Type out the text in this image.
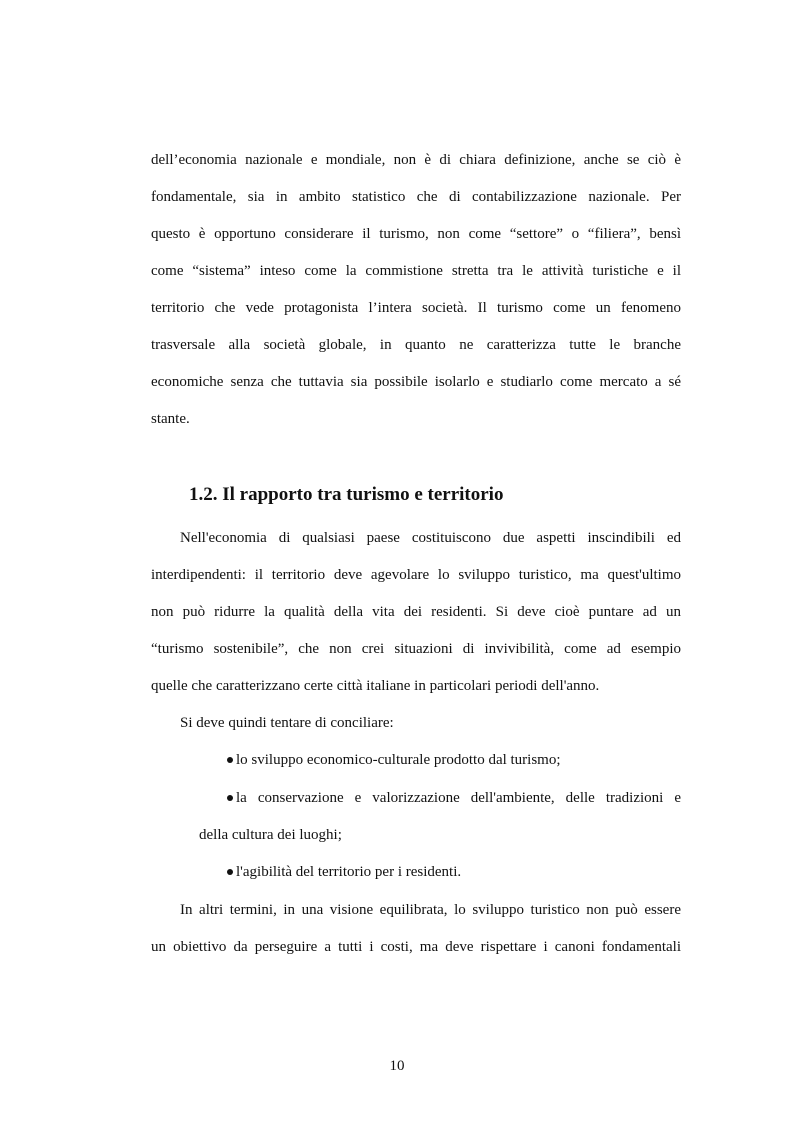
dell’economia nazionale e mondiale, non è di chiara definizione, anche se ciò è
fondamentale, sia in ambito statistico che di contabilizzazione nazionale. Per
questo è opportuno considerare il turismo, non come “settore” o “filiera”, bensì
come “sistema” inteso come la commistione stretta tra le attività turistiche e il
territorio che vede protagonista l’intera società. Il turismo come un fenomeno
trasversale alla società globale, in quanto ne caratterizza tutte le branche
economiche senza che tuttavia sia possibile isolarlo e studiarlo come mercato a sé
stante.
1.2. Il rapporto tra turismo e territorio
Nell'economia di qualsiasi paese costituiscono due aspetti inscindibili ed
interdipendenti: il territorio deve agevolare lo sviluppo turistico, ma quest'ultimo
non può ridurre la qualità della vita dei residenti. Si deve cioè puntare ad un
“turismo sostenibile”, che non crei situazioni di invivibilità, come ad esempio
quelle che caratterizzano certe città italiane in particolari periodi dell'anno.
Si deve quindi tentare di conciliare:
lo sviluppo economico-culturale prodotto dal turismo;
la conservazione e valorizzazione dell'ambiente, delle tradizioni e
della cultura dei luoghi;
l'agibilità del territorio per i residenti.
In altri termini, in una visione equilibrata, lo sviluppo turistico non può essere
un obiettivo da perseguire a tutti i costi, ma deve rispettare i canoni fondamentali
10
